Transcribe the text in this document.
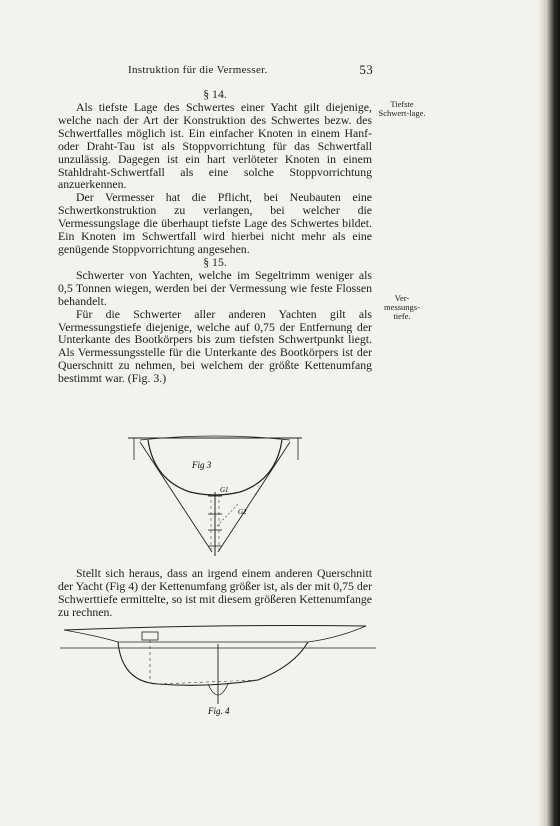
Instruktion für die Vermesser.	53

§ 14.

Als tiefste Lage des Schwertes einer Yacht gilt diejenige, welche nach der Art der Konstruktion des Schwertes bezw. des Schwertfalles möglich ist. Ein einfacher Knoten in einem Hanf- oder Draht-Tau ist als Stoppvorrichtung für das Schwertfall unzulässig. Dagegen ist ein hart verlöteter Knoten in einem Stahldraht-Schwertfall als eine solche Stoppvorrichtung anzuerkennen.

Der Vermesser hat die Pflicht, bei Neubauten eine Schwertkonstruktion zu verlangen, bei welcher die Vermessungslage die überhaupt tiefste Lage des Schwertes bildet. Ein Knoten im Schwertfall wird hierbei nicht mehr als eine genügende Stoppvorrichtung angesehen.

§ 15.

Schwerter von Yachten, welche im Segeltrimm weniger als 0,5 Tonnen wiegen, werden bei der Vermessung wie feste Flossen behandelt.

Für die Schwerter aller anderen Yachten gilt als Vermessungstiefe diejenige, welche auf 0,75 der Entfernung der Unterkante des Bootkörpers bis zum tiefsten Schwertpunkt liegt. Als Vermessungsstelle für die Unterkante des Bootkörpers ist der Querschnitt zu nehmen, bei welchem der größte Kettenumfang bestimmt war. (Fig. 3.)

Tiefste Schwert-lage.
Ver-messungs-tiefe.
Fig 3
G1
G2

Stellt sich heraus, dass an irgend einem anderen Querschnitt der Yacht (Fig 4) der Kettenumfang größer ist, als der mit 0,75 der Schwerttiefe ermittelte, so ist mit diesem größeren Kettenumfange zu rechnen.

Fig. 4
